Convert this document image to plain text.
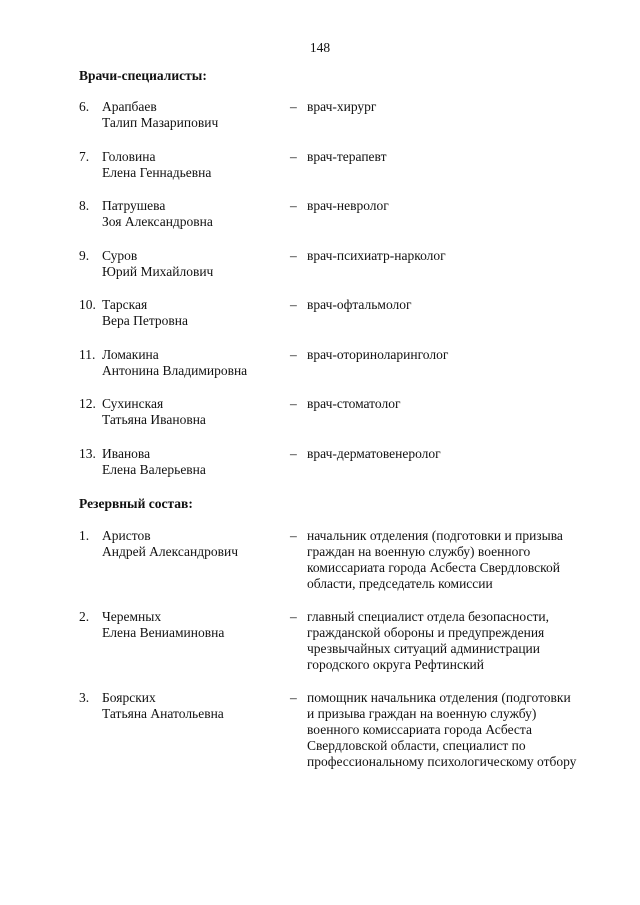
148
Врачи-специалисты:
6. Арапбаев
Талип Мазарипович
– врач-хирург
7. Головина
Елена Геннадьевна
– врач-терапевт
8. Патрушева
Зоя Александровна
– врач-невролог
9. Суров
Юрий Михайлович
– врач-психиатр-нарколог
10. Тарская
Вера Петровна
– врач-офтальмолог
11. Ломакина
Антонина Владимировна
– врач-оториноларинголог
12. Сухинская
Татьяна Ивановна
– врач-стоматолог
13. Иванова
Елена Валерьевна
– врач-дерматовенеролог
Резервный состав:
1. Аристов
Андрей Александрович
– начальник отделения (подготовки и призыва
граждан на военную службу) военного
комиссариата города Асбеста Свердловской
области, председатель комиссии
2. Черемных
Елена Вениаминовна
– главный специалист отдела безопасности,
гражданской обороны и предупреждения
чрезвычайных ситуаций администрации
городского округа Рефтинский
3. Боярских
Татьяна Анатольевна
– помощник начальника отделения (подготовки
и призыва граждан на военную службу)
военного комиссариата города Асбеста
Свердловской области, специалист по
профессиональному психологическому отбору
